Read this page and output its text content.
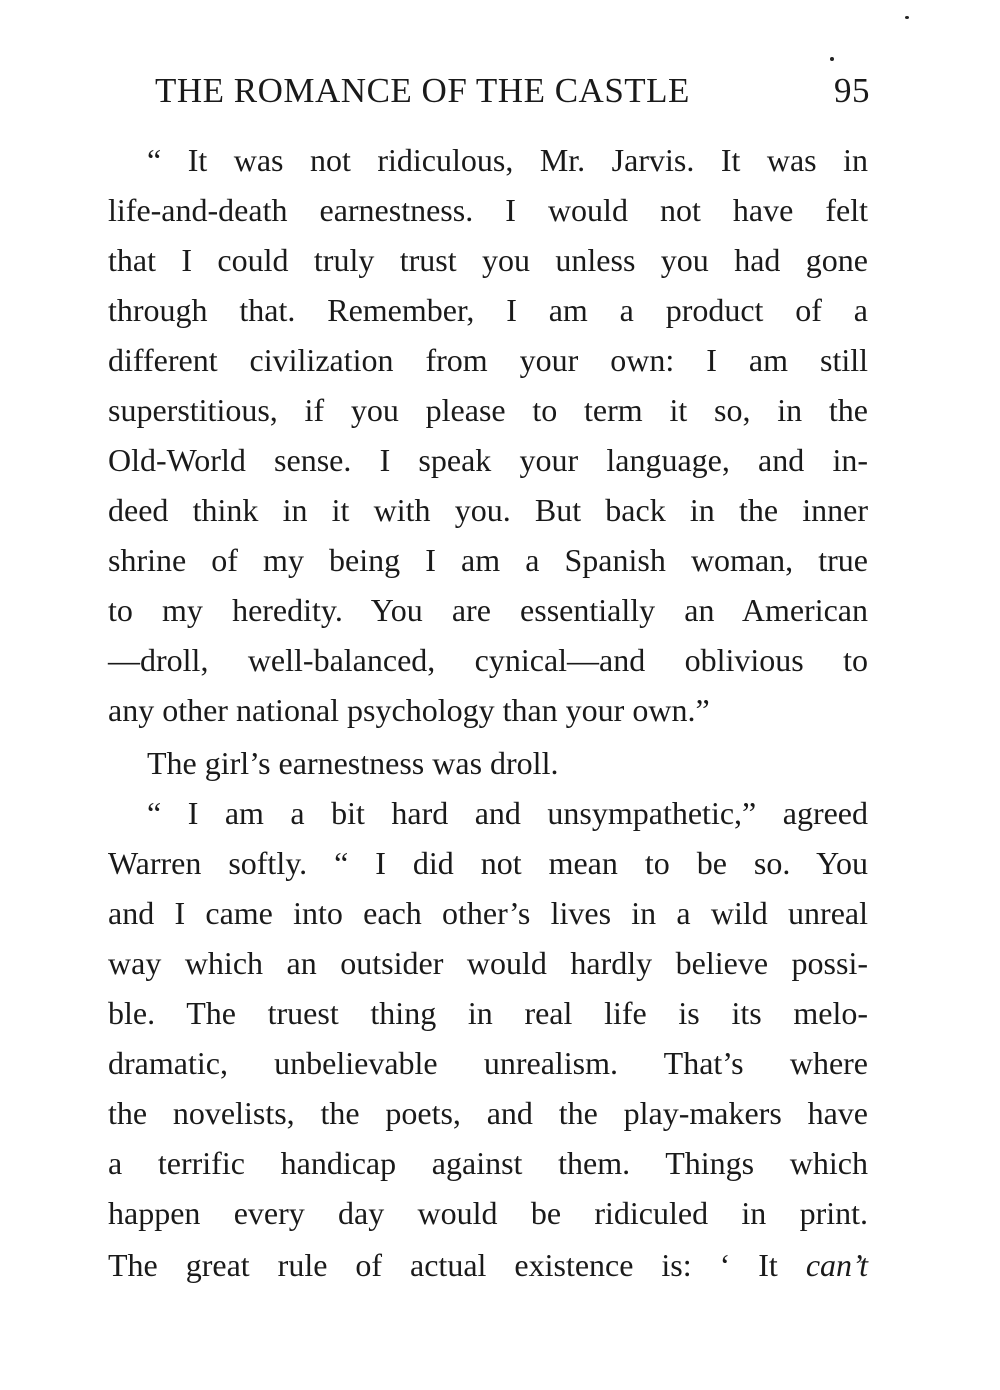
THE ROMANCE OF THE CASTLE	95
“ It was not ridiculous, Mr. Jarvis. It was in
life-and-death earnestness. I would not have felt
that I could truly trust you unless you had gone
through that. Remember, I am a product of a
different civilization from your own: I am still
superstitious, if you please to term it so, in the
Old-World sense. I speak your language, and in-
deed think in it with you. But back in the inner
shrine of my being I am a Spanish woman, true
to my heredity. You are essentially an American
—droll, well-balanced, cynical—and oblivious to
any other national psychology than your own.”
The girl’s earnestness was droll.
“ I am a bit hard and unsympathetic,” agreed
Warren softly. “ I did not mean to be so. You
and I came into each other’s lives in a wild unreal
way which an outsider would hardly believe possi-
ble. The truest thing in real life is its melo-
dramatic, unbelievable unrealism. That’s where
the novelists, the poets, and the play-makers have
a terrific handicap against them. Things which
happen every day would be ridiculed in print.
The great rule of actual existence is: ‘ It can’t
